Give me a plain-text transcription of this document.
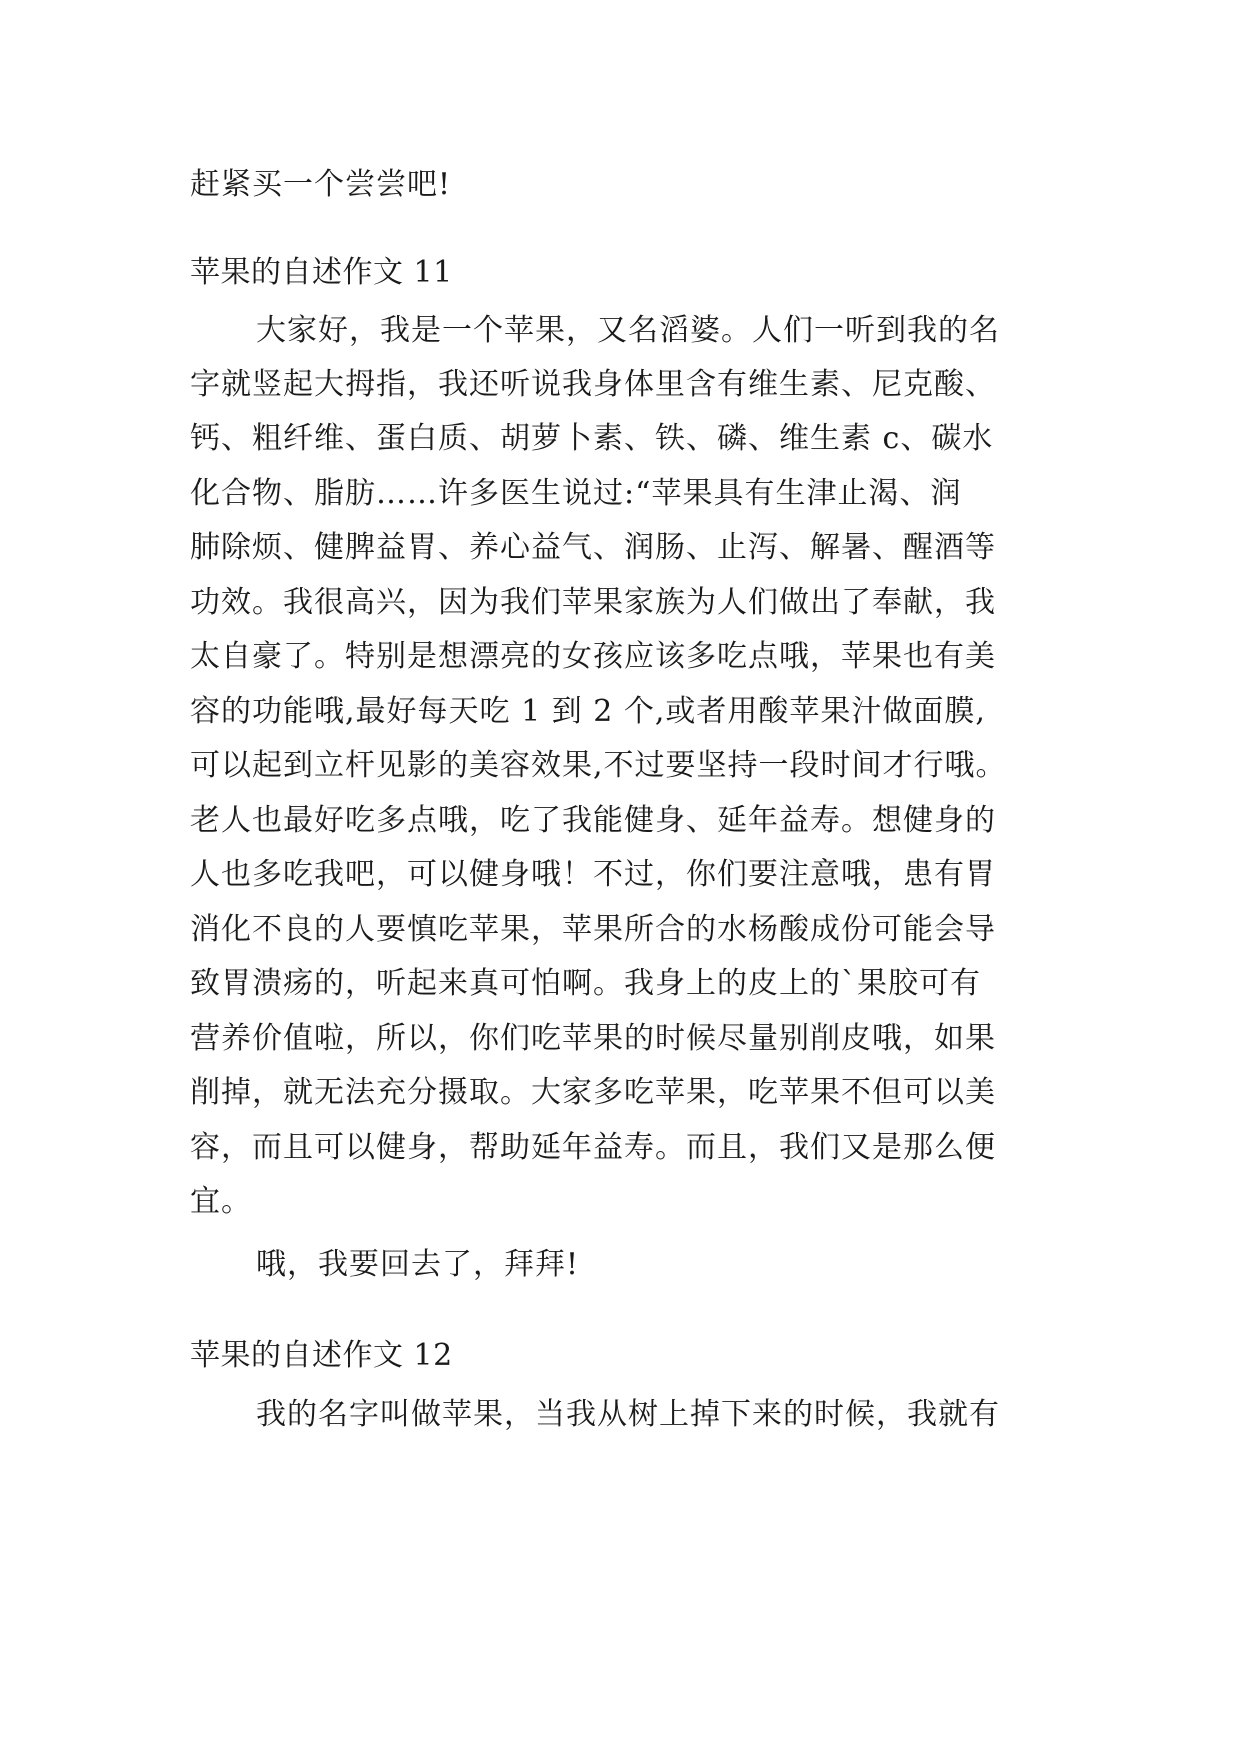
赶紧买一个尝尝吧!
苹果的自述作文 11
大家好，我是一个苹果，又名滔婆。人们一听到我的名
字就竖起大拇指，我还听说我身体里含有维生素、尼克酸、
钙、粗纤维、蛋白质、胡萝卜素、铁、磷、维生素 c、碳水
化合物、脂肪……许多医生说过:“苹果具有生津止渴、润
肺除烦、健脾益胃、养心益气、润肠、止泻、解暑、醒酒等
功效。我很高兴，因为我们苹果家族为人们做出了奉献，我
太自豪了。特别是想漂亮的女孩应该多吃点哦，苹果也有美
容的功能哦,最好每天吃 1 到 2 个,或者用酸苹果汁做面膜,
可以起到立杆见影的美容效果,不过要坚持一段时间才行哦。
老人也最好吃多点哦，吃了我能健身、延年益寿。想健身的
人也多吃我吧，可以健身哦！不过，你们要注意哦，患有胃
消化不良的人要慎吃苹果，苹果所合的水杨酸成份可能会导
致胃溃疡的，听起来真可怕啊。我身上的皮上的`果胶可有
营养价值啦，所以，你们吃苹果的时候尽量别削皮哦，如果
削掉，就无法充分摄取。大家多吃苹果，吃苹果不但可以美
容，而且可以健身，帮助延年益寿。而且，我们又是那么便
宜。
哦，我要回去了，拜拜!
苹果的自述作文 12
我的名字叫做苹果，当我从树上掉下来的时候，我就有
